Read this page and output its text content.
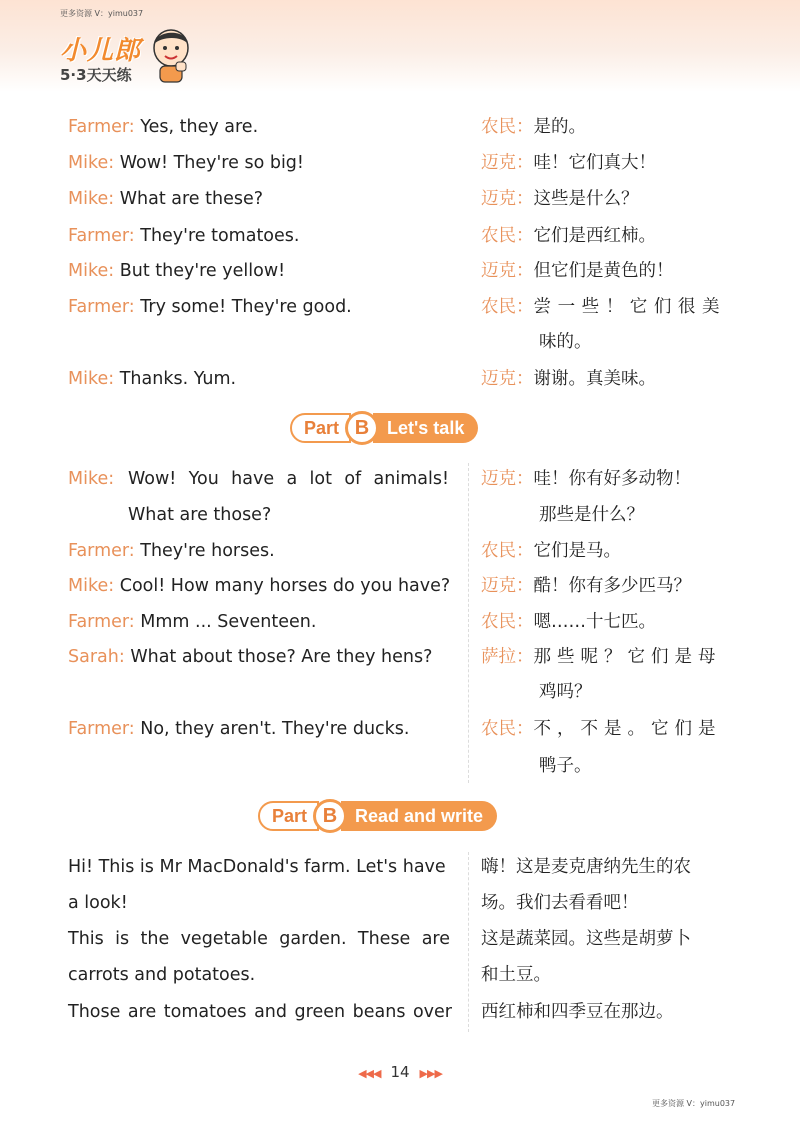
更多资源 V：yimu037
小儿郎
5·3天天练
Farmer: Yes, they are.	农民：是的。
Mike: Wow! They're so big!	迈克：哇！它们真大！
Mike: What are these?	迈克：这些是什么？
Farmer: They're tomatoes.	农民：它们是西红柿。
Mike: But they're yellow!	迈克：但它们是黄色的！
Farmer: Try some! They're good.	农民：尝一些！它们很美
味的。
Mike: Thanks. Yum.	迈克：谢谢。真美味。
Part B Let's talk
Mike: Wow! You have a lot of animals! 迈克：哇！你有好多动物！
What are those?	那些是什么？
Farmer: They're horses.	农民：它们是马。
Mike: Cool! How many horses do you have? 迈克：酷！你有多少匹马？
Farmer: Mmm ... Seventeen.	农民：嗯……十七匹。
Sarah: What about those? Are they hens?	萨拉：那些呢？它们是母
鸡吗？
Farmer: No, they aren't. They're ducks.	农民：不，不是。它们是
鸭子。
Part B Read and write
Hi! This is Mr MacDonald's farm. Let's have 嗨！这是麦克唐纳先生的农
a look!	场。我们去看看吧！
This is the vegetable garden. These are 这是蔬菜园。这些是胡萝卜
carrots and potatoes.	和土豆。
Those are tomatoes and green beans over 西红柿和四季豆在那边。
◀◀◀ 14 ▶▶▶
更多资源 V：yimu037
